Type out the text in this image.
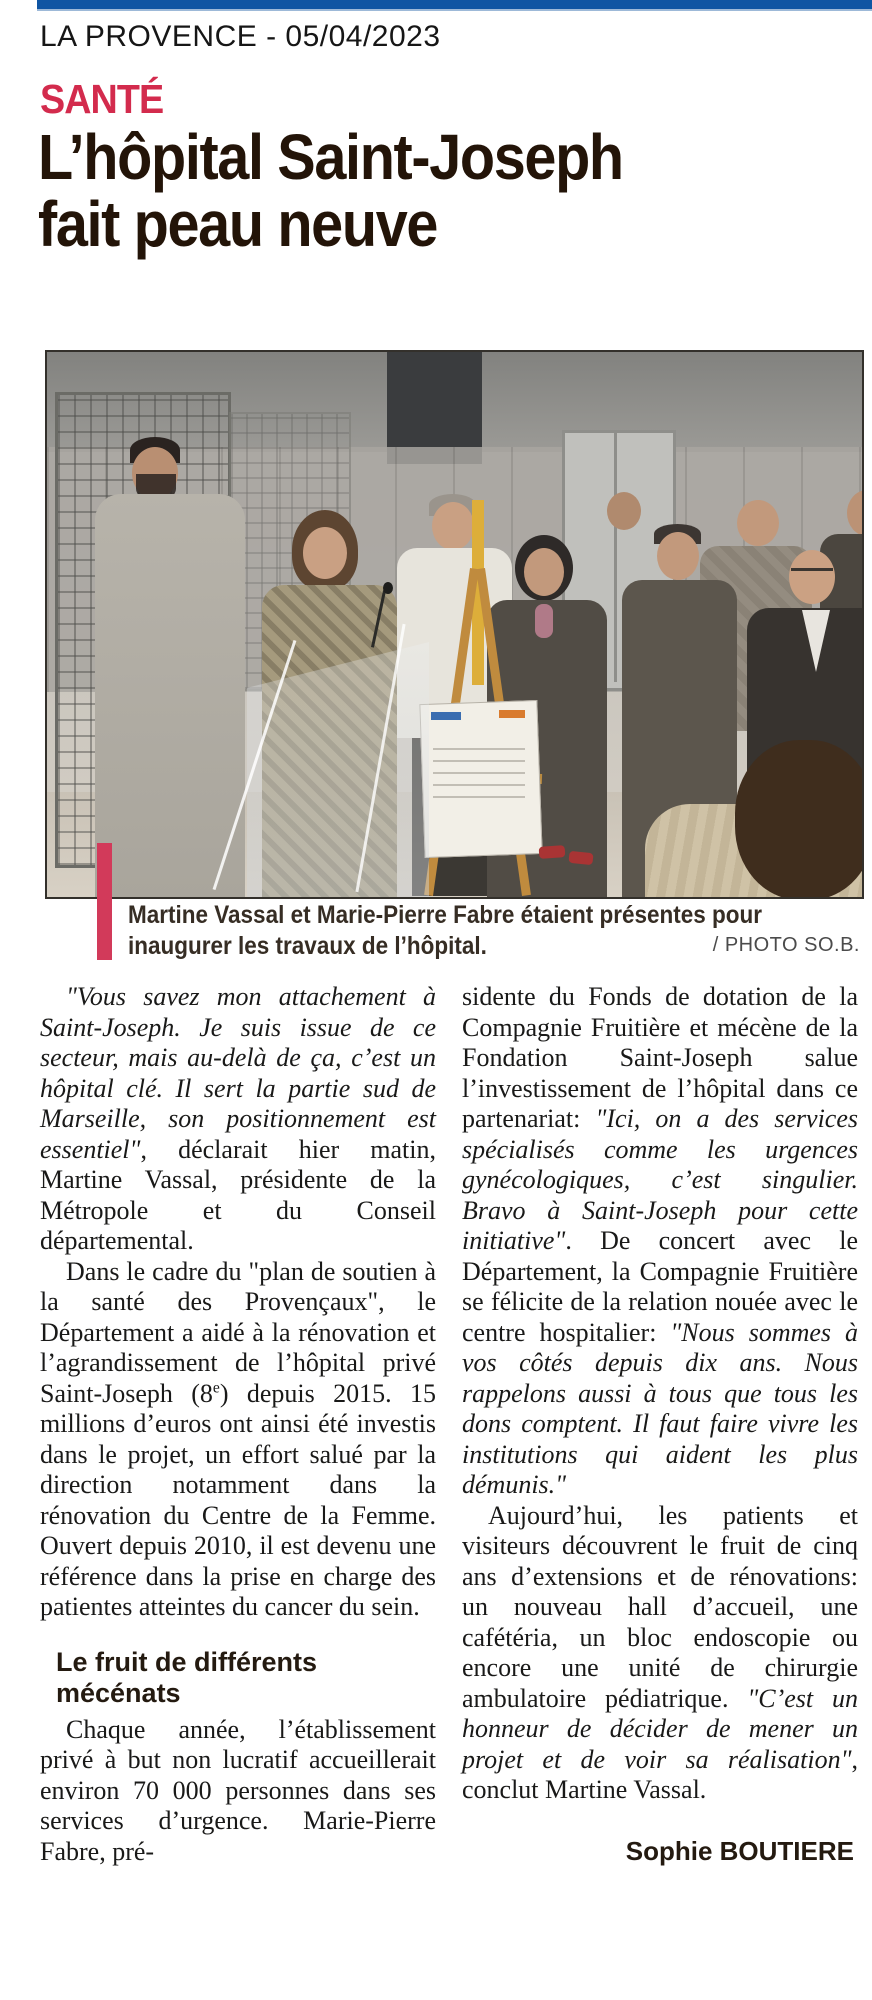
LA PROVENCE - 05/04/2023
SANTÉ
L’hôpital Saint-Joseph
fait peau neuve
Martine Vassal et Marie-Pierre Fabre étaient présentes pour inaugurer les travaux de l’hôpital.	/ PHOTO SO.B.

"Vous savez mon attachement à Saint-Joseph. Je suis issue de ce secteur, mais au-delà de ça, c’est un hôpital clé. Il sert la partie sud de Marseille, son positionnement est essentiel", déclarait hier matin, Martine Vassal, présidente de la Métropole et du Conseil départemental.

Dans le cadre du "plan de soutien à la santé des Provençaux", le Département a aidé à la rénovation et l’agrandissement de l’hôpital privé Saint-Joseph (8e) depuis 2015. 15 millions d’euros ont ainsi été investis dans le projet, un effort salué par la direction notamment dans la rénovation du Centre de la Femme. Ouvert depuis 2010, il est devenu une référence dans la prise en charge des patientes atteintes du cancer du sein.

Le fruit de différents mécénats

Chaque année, l’établissement privé à but non lucratif accueillerait environ 70 000 personnes dans ses services d’urgence. Marie-Pierre Fabre, pré-

sidente du Fonds de dotation de la Compagnie Fruitière et mécène de la Fondation Saint-Joseph salue l’investissement de l’hôpital dans ce partenariat: "Ici, on a des services spécialisés comme les urgences gynécologiques, c’est singulier. Bravo à Saint-Joseph pour cette initiative". De concert avec le Département, la Compagnie Fruitière se félicite de la relation nouée avec le centre hospitalier: "Nous sommes à vos côtés depuis dix ans. Nous rappelons aussi à tous que tous les dons comptent. Il faut faire vivre les institutions qui aident les plus démunis."

Aujourd’hui, les patients et visiteurs découvrent le fruit de cinq ans d’extensions et de rénovations: un nouveau hall d’accueil, une cafétéria, un bloc endoscopie ou encore une unité de chirurgie ambulatoire pédiatrique. "C’est un honneur de décider de mener un projet et de voir sa réalisation", conclut Martine Vassal.

Sophie BOUTIERE
